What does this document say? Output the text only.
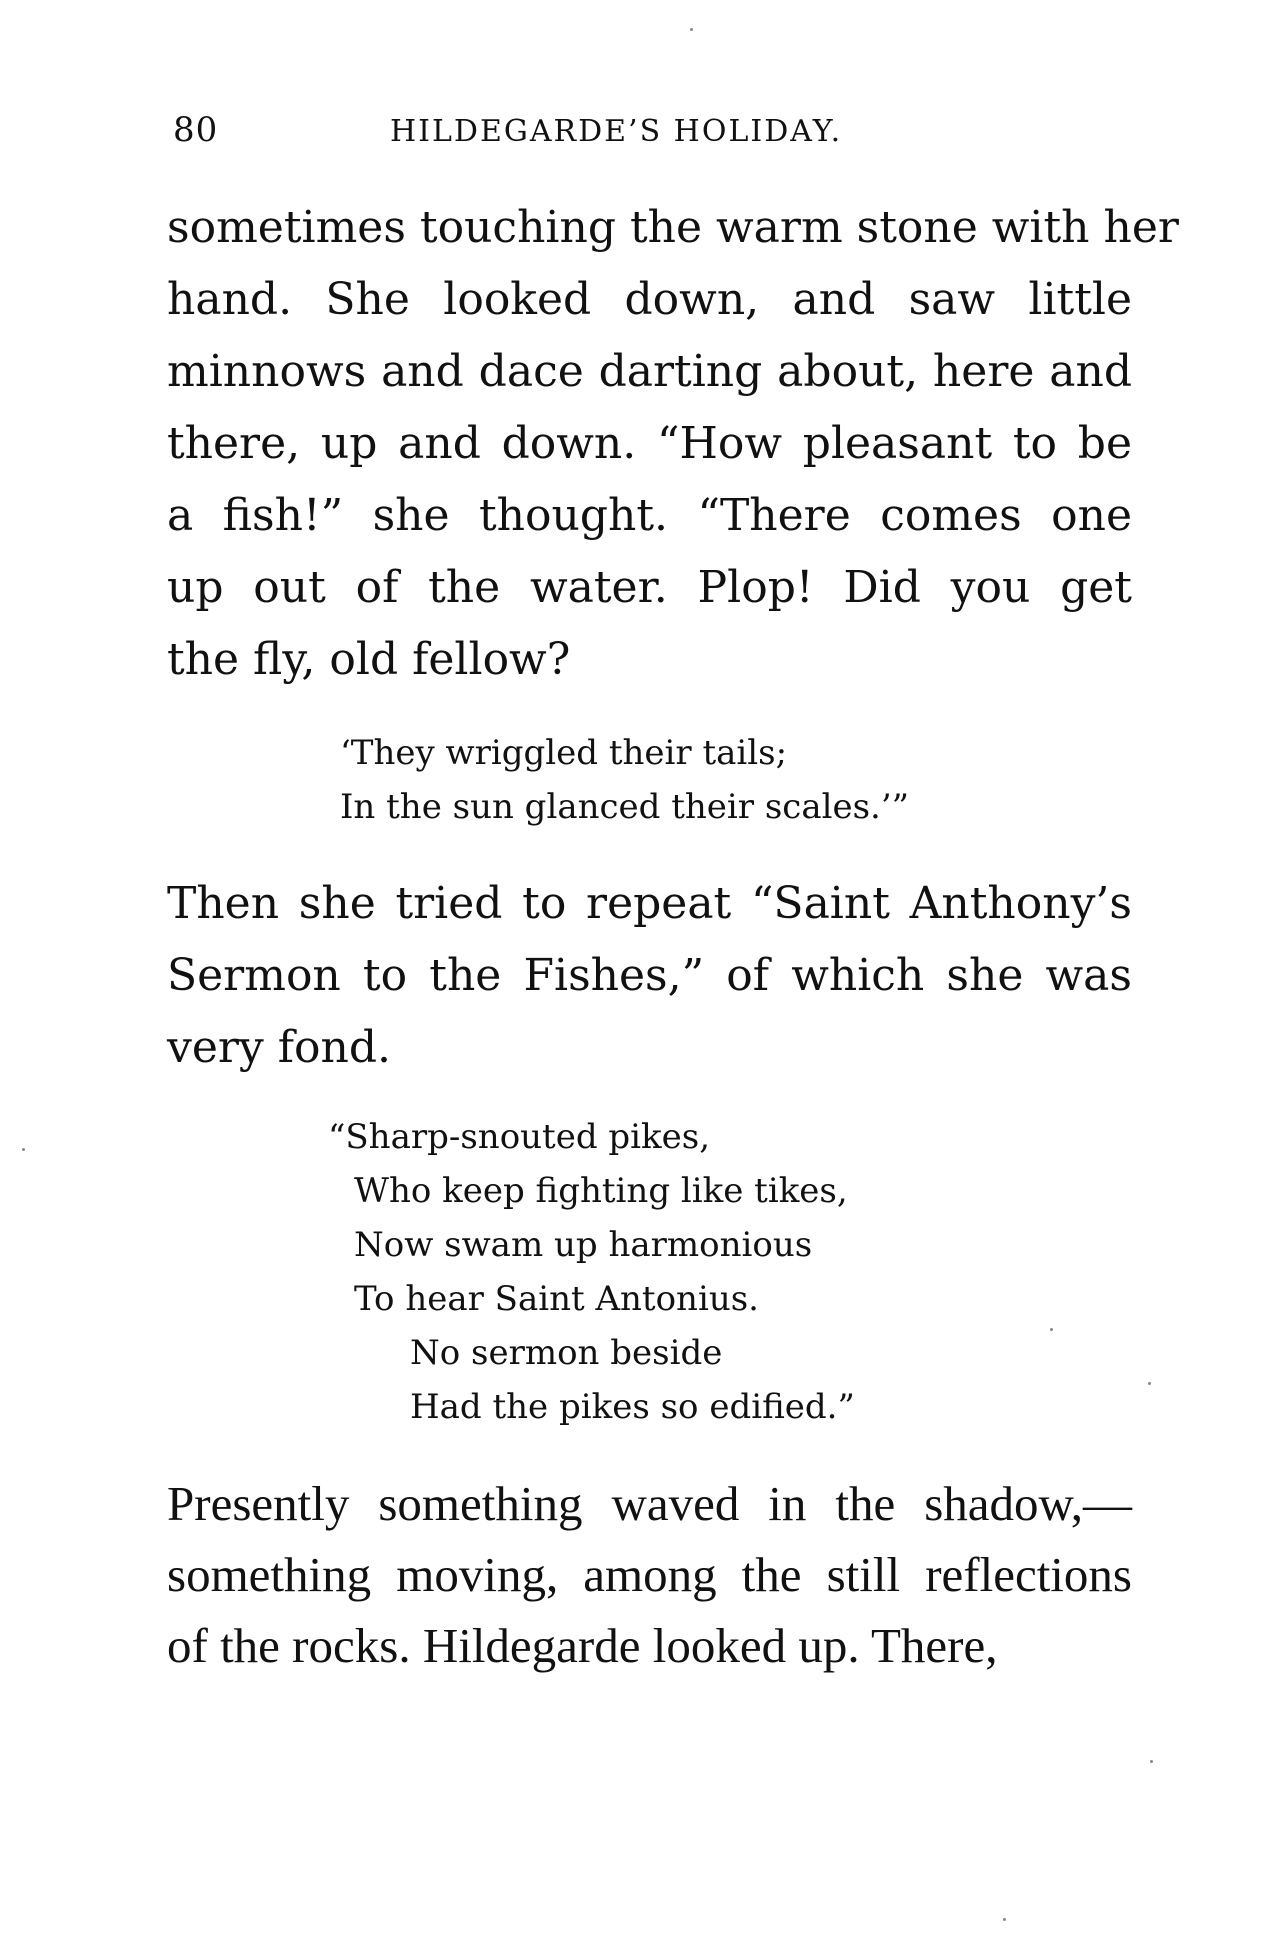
80	HILDEGARDE’S HOLIDAY.

sometimes touching the warm stone with her
hand. She looked down, and saw little
minnows and dace darting about, here and
there, up and down. “How pleasant to be
a fish!” she thought. “There comes one
up out of the water. Plop! Did you get
the fly, old fellow?

‘They wriggled their tails;
In the sun glanced their scales.’”

Then she tried to repeat “Saint Anthony’s
Sermon to the Fishes,” of which she was
very fond.

“Sharp-snouted pikes,
Who keep fighting like tikes,
Now swam up harmonious
To hear Saint Antonius.
No sermon beside
Had the pikes so edified.”

Presently something waved in the shadow,—
something moving, among the still reflections
of the rocks. Hildegarde looked up. There,
